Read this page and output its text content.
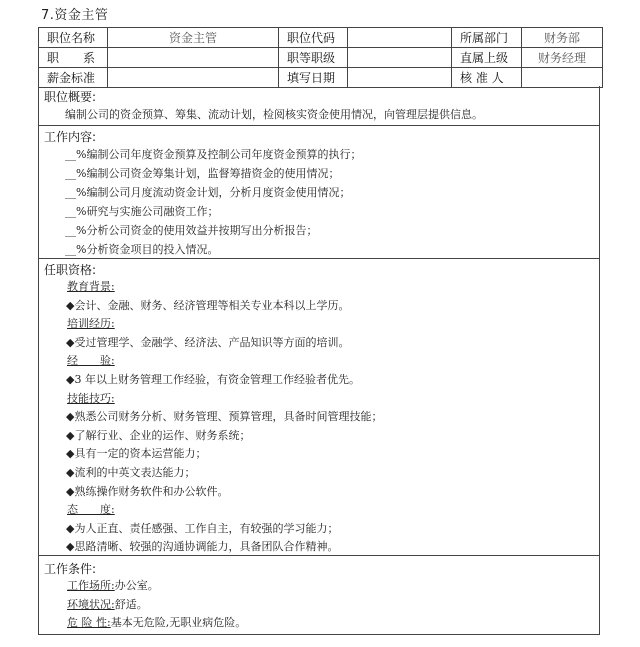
7.资金主管
职位名称	资金主管	职位代码		所属部门	财务部
职　　系		职等职级		直属上级	财务经理
薪金标准		填写日期		核 准 人	
职位概要:
编制公司的资金预算、筹集、流动计划，检阅核实资金使用情况，向管理层提供信息。
工作内容:
__%编制公司年度资金预算及控制公司年度资金预算的执行；
__%编制公司资金筹集计划，监督筹措资金的使用情况；
__%编制公司月度流动资金计划，分析月度资金使用情况；
__%研究与实施公司融资工作；
__%分析公司资金的使用效益并按期写出分析报告；
__%分析资金项目的投入情况。
任职资格:
教育背景:
◆会计、金融、财务、经济管理等相关专业本科以上学历。
培训经历:
◆受过管理学、金融学、经济法、产品知识等方面的培训。
经　　验:
◆3 年以上财务管理工作经验，有资金管理工作经验者优先。
技能技巧:
◆熟悉公司财务分析、财务管理、预算管理，具备时间管理技能；
◆了解行业、企业的运作、财务系统；
◆具有一定的资本运营能力；
◆流利的中英文表达能力；
◆熟练操作财务软件和办公软件。
态　　度:
◆为人正直、责任感强、工作自主，有较强的学习能力；
◆思路清晰、较强的沟通协调能力，具备团队合作精神。
工作条件:
工作场所:办公室。
环境状况:舒适。
危 险 性:基本无危险,无职业病危险。
